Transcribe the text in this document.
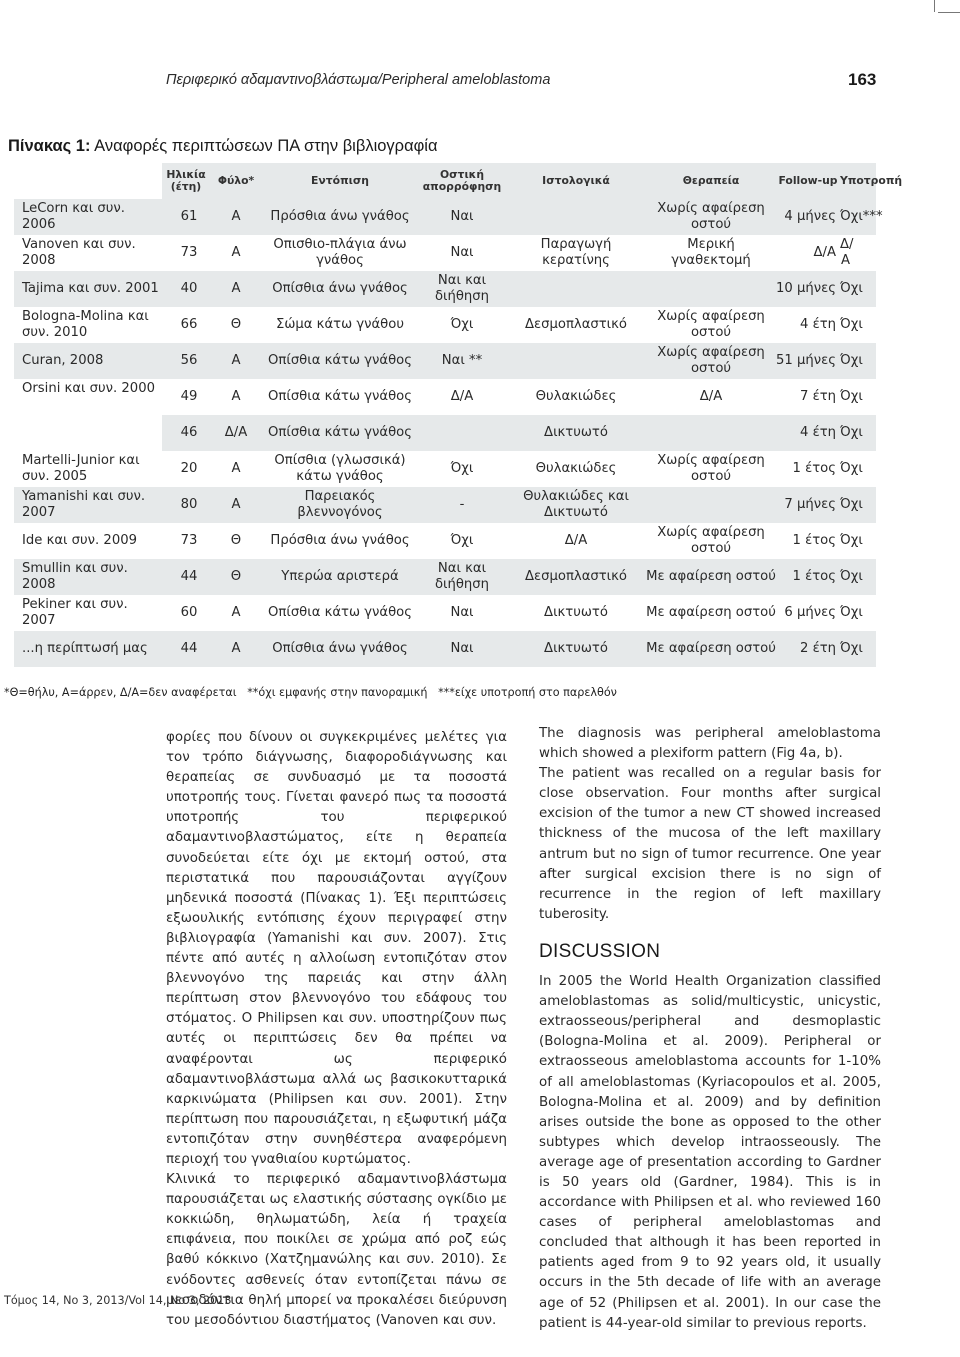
Περιφερικό αδαμαντινοβλάστωμα/Peripheral ameloblastoma	163
Πίνακας 1: Αναφορές περιπτώσεων ΠΑ στην βιβλιογραφία
	Ηλικία (έτη)	Φύλο*	Εντόπιση	Οστική απορρόφηση	Ιστολογικά	Θεραπεία	Follow-up	Υποτροπή
LeCorn και συν. 2006	61	Α	Πρόσθια άνω γνάθος	Ναι		Χωρίς αφαίρεση οστού	4 μήνες	Όχι***
Vanoven και συν. 2008	73	Α	Οπισθιο-πλάγια άνω γνάθος	Ναι	Παραγωγή κερατίνης	Μερική γναθεκτομή	Δ/Α	Δ/Α
Tajima και συν. 2001	40	Α	Οπίσθια άνω γνάθος	Ναι και διήθηση			10 μήνες	Όχι
Bologna-Molina και συν. 2010	66	Θ	Σώμα κάτω γνάθου	Όχι	Δεσμοπλαστικό	Χωρίς αφαίρεση οστού	4 έτη	Όχι
Curan, 2008	56	Α	Οπίσθια κάτω γνάθος	Ναι **		Χωρίς αφαίρεση οστού	51 μήνες	Όχι
Orsini και συν. 2000	49	Α	Οπίσθια κάτω γνάθος	Δ/Α	Θυλακιώδες	Δ/Α	7 έτη	Όχι
	46	Δ/Α	Οπίσθια κάτω γνάθος		Δικτυωτό		4 έτη	Όχι
Martelli-Junior και συν. 2005	20	Α	Οπίσθια (γλωσσικά) κάτω γνάθος	Όχι	Θυλακιώδες	Χωρίς αφαίρεση οστού	1 έτος	Όχι
Yamanishi και συν. 2007	80	Α	Παρειακός βλεννογόνος	-	Θυλακιώδες και Δικτυωτό		7 μήνες	Όχι
Ide και συν. 2009	73	Θ	Πρόσθια άνω γνάθος	Όχι	Δ/Α	Χωρίς αφαίρεση οστού	1 έτος	Όχι
Smullin και συν. 2008	44	Θ	Υπερώα αριστερά	Ναι και διήθηση	Δεσμοπλαστικό	Με αφαίρεση οστού	1 έτος	Όχι
Pekiner και συν. 2007	60	Α	Οπίσθια κάτω γνάθος	Ναι	Δικτυωτό	Με αφαίρεση οστού	6 μήνες	Όχι
...η περίπτωσή μας	44	Α	Οπίσθια άνω γνάθος	Ναι	Δικτυωτό	Με αφαίρεση οστού	2 έτη	Όχι
*Θ=θήλυ, Α=άρρεν, Δ/Α=δεν αναφέρεται   **όχι εμφανής στην πανοραμική   ***είχε υποτροπή στο παρελθόν

φορίες που δίνουν οι συγκεκριμένες μελέτες για τον τρόπο διάγνωσης, διαφοροδιάγνωσης και θεραπείας σε συνδυασμό με τα ποσοστά υποτροπής τους. Γίνεται φανερό πως τα ποσοστά υποτροπής του περιφερικού αδαμαντινοβλαστώματος, είτε η θεραπεία συνοδεύεται είτε όχι με εκτομή οστού, στα περιστατικά που παρουσιάζονται αγγίζουν μηδενικά ποσοστά (Πίνακας 1). Έξι περιπτώσεις εξωουλικής εντόπισης έχουν περιγραφεί στην βιβλιογραφία (Yamanishi και συν. 2007). Στις πέντε από αυτές η αλλοίωση εντοπιζόταν στον βλεννογόνο της παρειάς και στην άλλη περίπτωση στον βλεννογόνο του εδάφους του στόματος. Ο Philipsen και συν. υποστηρίζουν πως αυτές οι περιπτώσεις δεν θα πρέπει να αναφέρονται ως περιφερικό αδαμαντινοβλάστωμα αλλά ως βασικοκυτταρικά καρκινώματα (Philipsen και συν. 2001). Στην περίπτωση που παρουσιάζεται, η εξωφυτική μάζα εντοπιζόταν στην συνηθέστερα αναφερόμενη περιοχή του γναθιαίου κυρτώματος.

Κλινικά το περιφερικό αδαμαντινοβλάστωμα παρουσιάζεται ως ελαστικής σύστασης ογκίδιο με κοκκιώδη, θηλωματώδη, λεία ή τραχεία επιφάνεια, που ποικίλει σε χρώμα από ροζ εώς βαθύ κόκκινο (Χατζημανώλης και συν. 2010). Σε ενόδοντες ασθενείς όταν εντοπίζεται πάνω σε μεσοδόντια θηλή μπορεί να προκαλέσει διεύρυνση του μεσοδόντιου διαστήματος (Vanoven και συν.

The diagnosis was peripheral ameloblastoma which showed a plexiform pattern (Fig 4a, b).

The patient was recalled on a regular basis for close observation. Four months after surgical excision of the tumor a new CT showed increased thickness of the mucosa of the left maxillary antrum but no sign of tumor recurrence. One year after surgical excision there is no sign of recurrence in the region of left maxillary tuberosity.

DISCUSSION

In 2005 the World Health Organization classified ameloblastomas as solid/multicystic, unicystic, extraosseous/peripheral and desmoplastic (Bologna-Molina et al. 2009). Peripheral or extraosseous ameloblastoma accounts for 1-10% of all ameloblastomas (Kyriacopoulos et al. 2005, Bologna-Molina et al. 2009) and by definition arises outside the bone as opposed to the other subtypes which develop intraosseously. The average age of presentation according to Gardner is 50 years old (Gardner, 1984). This is in accordance with Philipsen et al. who reviewed 160 cases of peripheral ameloblastomas and concluded that although it has been reported in patients aged from 9 to 92 years old, it usually occurs in the 5th decade of life with an average age of 52 (Philipsen et al. 2001). In our case the patient is 44-year-old similar to previous reports.

Τόμος 14, No 3, 2013/Vol 14, No 3, 2013
